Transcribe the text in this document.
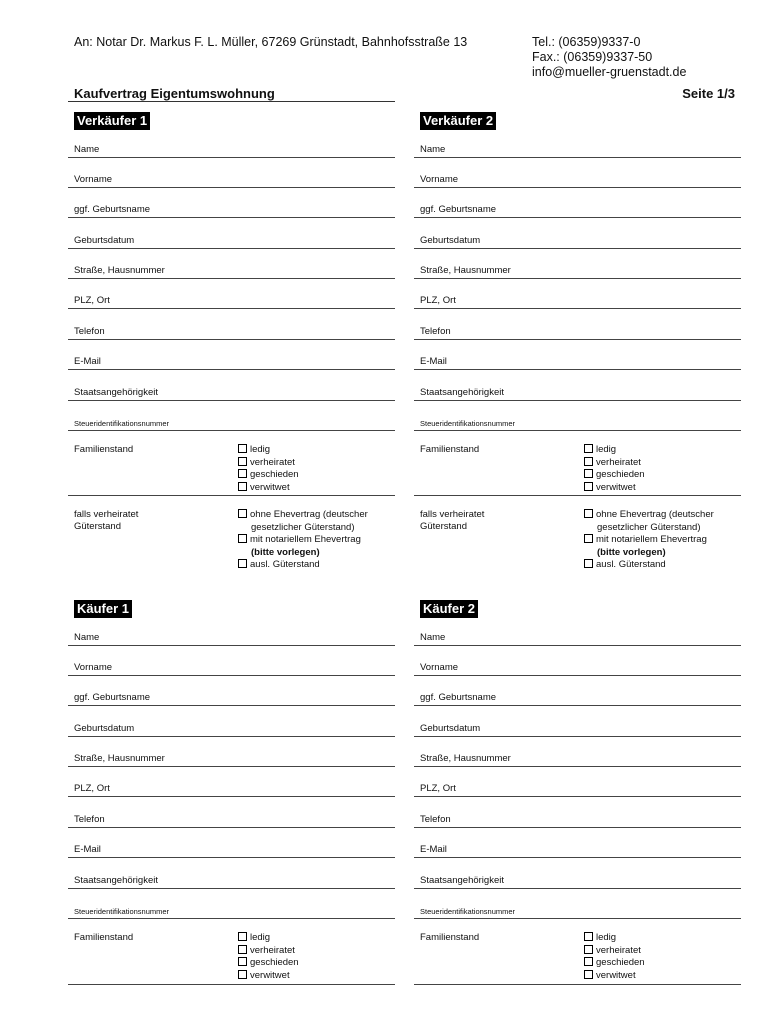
An: Notar Dr. Markus F. L. Müller, 67269 Grünstadt, Bahnhofsstraße 13	Tel.: (06359)9337-0
Fax.: (06359)9337-50
info@mueller-gruenstadt.de
Kaufvertrag Eigentumswohnung	Seite 1/3
Verkäufer 1
Name
Vorname
ggf. Geburtsname
Geburtsdatum
Straße, Hausnummer
PLZ, Ort
Telefon
E-Mail
Staatsangehörigkeit
Steueridentifikationsnummer
Familienstand	ledig
verheiratet
geschieden
verwitwet
falls verheiratet
Güterstand
ohne Ehevertrag (deutscher
gesetzlicher Güterstand)
mit notariellem Ehevertrag
(bitte vorlegen)
ausl. Güterstand
Verkäufer 2
Name
Vorname
ggf. Geburtsname
Geburtsdatum
Straße, Hausnummer
PLZ, Ort
Telefon
E-Mail
Staatsangehörigkeit
Steueridentifikationsnummer
Familienstand	ledig
verheiratet
geschieden
verwitwet
falls verheiratet
Güterstand
ohne Ehevertrag (deutscher
gesetzlicher Güterstand)
mit notariellem Ehevertrag
(bitte vorlegen)
ausl. Güterstand
Käufer 1
Name
Vorname
ggf. Geburtsname
Geburtsdatum
Straße, Hausnummer
PLZ, Ort
Telefon
E-Mail
Staatsangehörigkeit
Steueridentifikationsnummer
Familienstand	ledig
verheiratet
geschieden
verwitwet
Käufer 2
Name
Vorname
ggf. Geburtsname
Geburtsdatum
Straße, Hausnummer
PLZ, Ort
Telefon
E-Mail
Staatsangehörigkeit
Steueridentifikationsnummer
Familienstand	ledig
verheiratet
geschieden
verwitwet
